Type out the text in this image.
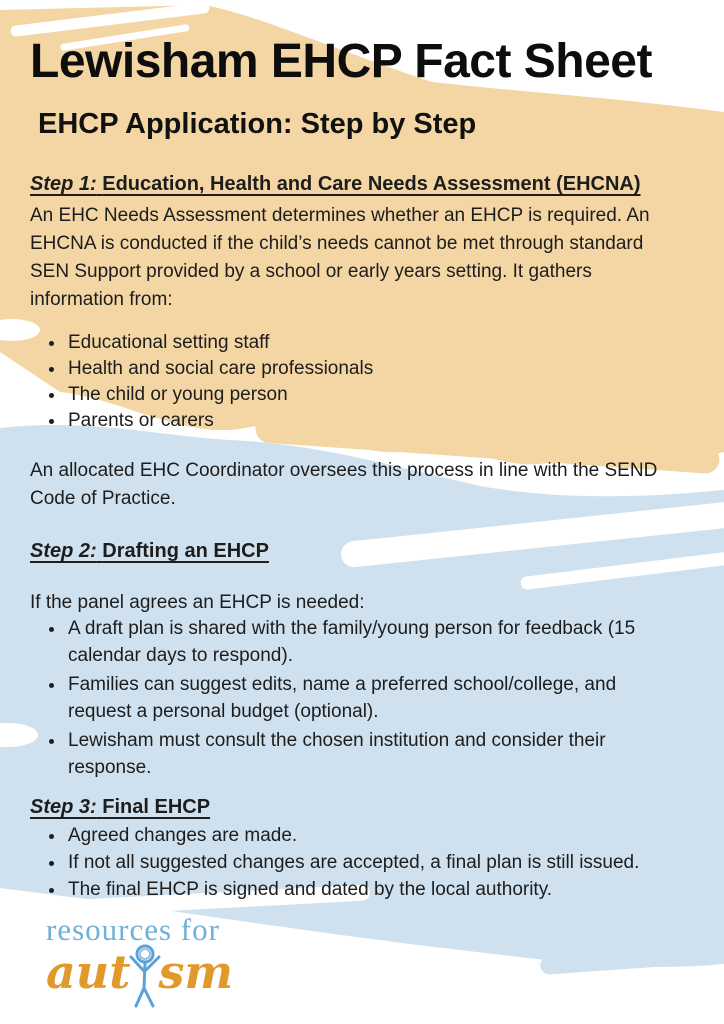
Lewisham EHCP Fact Sheet
EHCP Application: Step by Step
Step 1: Education, Health and Care Needs Assessment (EHCNA)

An EHC Needs Assessment determines whether an EHCP is required. An EHCNA is conducted if the child’s needs cannot be met through standard SEN Support provided by a school or early years setting. It gathers information from:

• Educational setting staff
• Health and social care professionals
• The child or young person
• Parents or carers

An allocated EHC Coordinator oversees this process in line with the SEND Code of Practice.

Step 2: Drafting an EHCP

If the panel agrees an EHCP is needed:

• A draft plan is shared with the family/young person for feedback (15 calendar days to respond).
• Families can suggest edits, name a preferred school/college, and request a personal budget (optional).
• Lewisham must consult the chosen institution and consider their response.
Step 3: Final EHCP
• Agreed changes are made.
• If not all suggested changes are accepted, a final plan is still issued.
• The final EHCP is signed and dated by the local authority.
resources for
aut sm
